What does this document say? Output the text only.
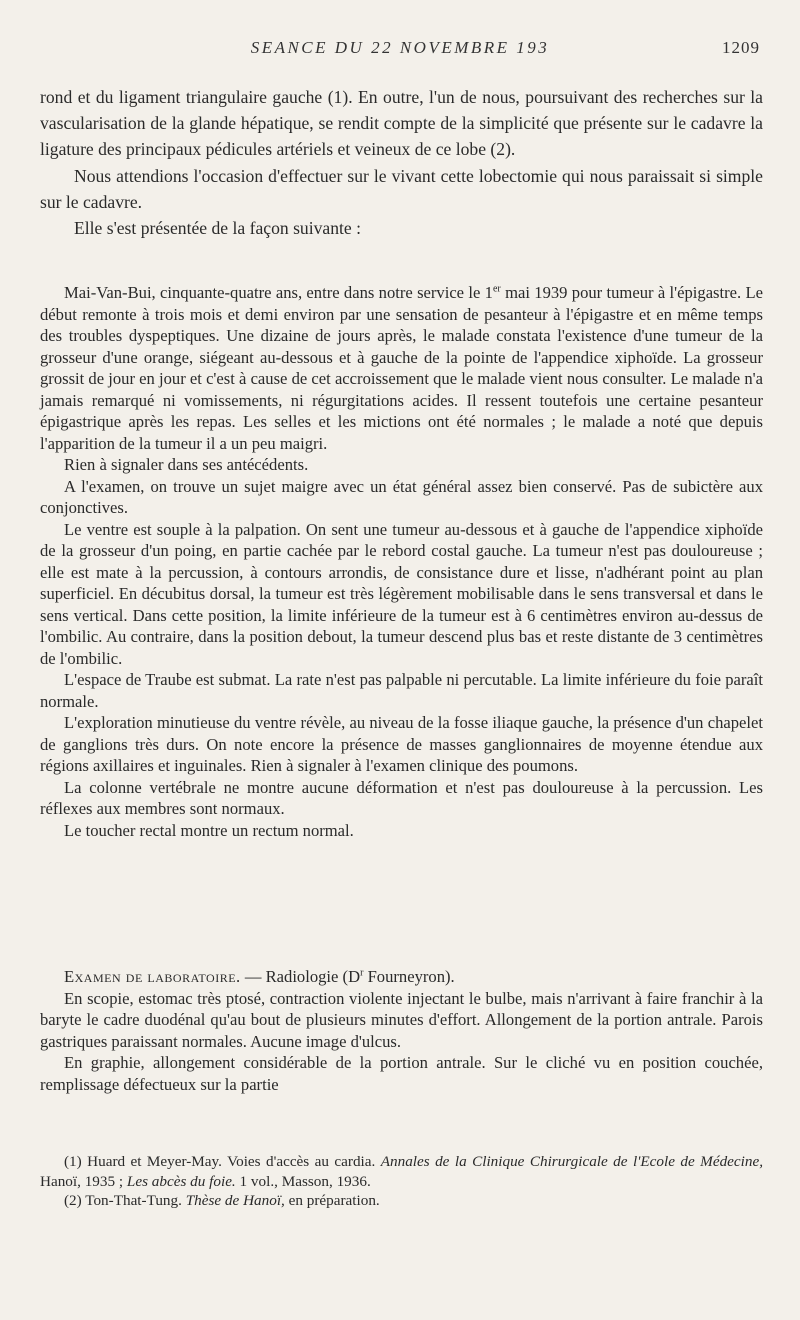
SEANCE DU 22 NOVEMBRE 193	1209

rond et du ligament triangulaire gauche (1). En outre, l'un de nous, poursuivant des recherches sur la vascularisation de la glande hépatique, se rendit compte de la simplicité que présente sur le cadavre la ligature des principaux pédicules artériels et veineux de ce lobe (2).

Nous attendions l'occasion d'effectuer sur le vivant cette lobectomie qui nous paraissait si simple sur le cadavre.

Elle s'est présentée de la façon suivante :

Mai-Van-Bui, cinquante-quatre ans, entre dans notre service le 1er mai 1939 pour tumeur à l'épigastre. Le début remonte à trois mois et demi environ par une sensation de pesanteur à l'épigastre et en même temps des troubles dyspeptiques. Une dizaine de jours après, le malade constata l'existence d'une tumeur de la grosseur d'une orange, siégeant au-dessous et à gauche de la pointe de l'appendice xiphoïde. La grosseur grossit de jour en jour et c'est à cause de cet accroissement que le malade vient nous consulter. Le malade n'a jamais remarqué ni vomissements, ni régurgitations acides. Il ressent toutefois une certaine pesanteur épigastrique après les repas. Les selles et les mictions ont été normales ; le malade a noté que depuis l'apparition de la tumeur il a un peu maigri.

Rien à signaler dans ses antécédents.

A l'examen, on trouve un sujet maigre avec un état général assez bien conservé. Pas de subictère aux conjonctives.

Le ventre est souple à la palpation. On sent une tumeur au-dessous et à gauche de l'appendice xiphoïde de la grosseur d'un poing, en partie cachée par le rebord costal gauche. La tumeur n'est pas douloureuse ; elle est mate à la percussion, à contours arrondis, de consistance dure et lisse, n'adhérant point au plan superficiel. En décubitus dorsal, la tumeur est très légèrement mobilisable dans le sens transversal et dans le sens vertical. Dans cette position, la limite inférieure de la tumeur est à 6 centimètres environ au-dessus de l'ombilic. Au contraire, dans la position debout, la tumeur descend plus bas et reste distante de 3 centimètres de l'ombilic.

L'espace de Traube est submat. La rate n'est pas palpable ni percutable. La limite inférieure du foie paraît normale.

L'exploration minutieuse du ventre révèle, au niveau de la fosse iliaque gauche, la présence d'un chapelet de ganglions très durs. On note encore la présence de masses ganglionnaires de moyenne étendue aux régions axillaires et inguinales. Rien à signaler à l'examen clinique des poumons.

La colonne vertébrale ne montre aucune déformation et n'est pas douloureuse à la percussion. Les réflexes aux membres sont normaux.

Le toucher rectal montre un rectum normal.

Examen de laboratoire. — Radiologie ($D^r$ Fourneyron).

En scopie, estomac très ptosé, contraction violente injectant le bulbe, mais n'arrivant à faire franchir à la baryte le cadre duodénal qu'au bout de plusieurs minutes d'effort. Allongement de la portion antrale. Parois gastriques paraissant normales. Aucune image d'ulcus.

En graphie, allongement considérable de la portion antrale. Sur le cliché vu en position couchée, remplissage défectueux sur la partie

(1) Huard et Meyer-May. Voies d'accès au cardia. Annales de la Clinique Chirurgicale de l'Ecole de Médecine, Hanoï, 1935 ; Les abcès du foie. 1 vol., Masson, 1936.

(2) Ton-That-Tung. Thèse de Hanoï, en préparation.
